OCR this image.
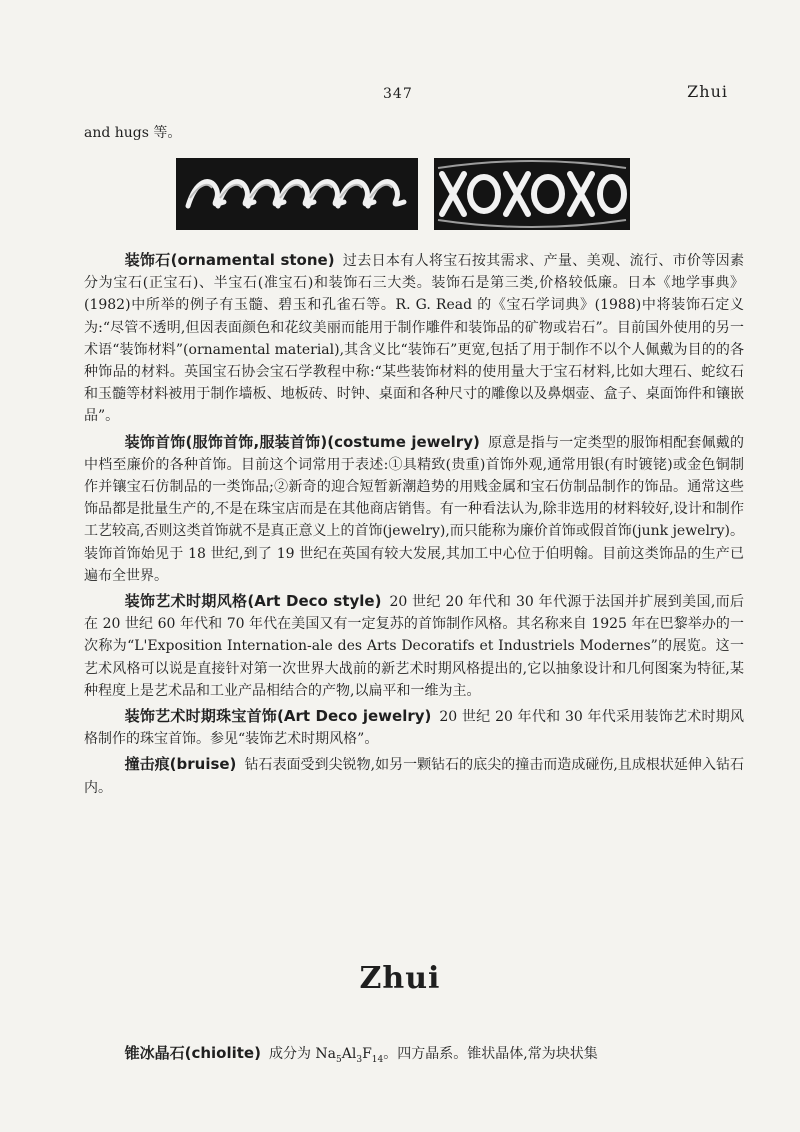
347	Zhui
and hugs 等。

装饰石(ornamental stone) 过去日本有人将宝石按其需求、产量、美观、流行、市价等因素分为宝石(正宝石)、半宝石(准宝石)和装饰石三大类。装饰石是第三类,价格较低廉。日本《地学事典》(1982)中所举的例子有玉髓、碧玉和孔雀石等。R. G. Read 的《宝石学词典》(1988)中将装饰石定义为:“尽管不透明,但因表面颜色和花纹美丽而能用于制作雕件和装饰品的矿物或岩石”。目前国外使用的另一术语“装饰材料”(ornamental material),其含义比“装饰石”更宽,包括了用于制作不以个人佩戴为目的的各种饰品的材料。英国宝石协会宝石学教程中称:“某些装饰材料的使用量大于宝石材料,比如大理石、蛇纹石和玉髓等材料被用于制作墙板、地板砖、时钟、桌面和各种尺寸的雕像以及鼻烟壶、盒子、桌面饰件和镶嵌品”。

装饰首饰(服饰首饰,服装首饰)(costume jewelry) 原意是指与一定类型的服饰相配套佩戴的中档至廉价的各种首饰。目前这个词常用于表述:①具精致(贵重)首饰外观,通常用银(有时镀铑)或金色铜制作并镶宝石仿制品的一类饰品;②新奇的迎合短暂新潮趋势的用贱金属和宝石仿制品制作的饰品。通常这些饰品都是批量生产的,不是在珠宝店而是在其他商店销售。有一种看法认为,除非选用的材料较好,设计和制作工艺较高,否则这类首饰就不是真正意义上的首饰(jewelry),而只能称为廉价首饰或假首饰(junk jewelry)。装饰首饰始见于 18 世纪,到了 19 世纪在英国有较大发展,其加工中心位于伯明翰。目前这类饰品的生产已遍布全世界。

装饰艺术时期风格(Art Deco style) 20 世纪 20 年代和 30 年代源于法国并扩展到美国,而后在 20 世纪 60 年代和 70 年代在美国又有一定复苏的首饰制作风格。其名称来自 1925 年在巴黎举办的一次称为“L'Exposition Internation-ale des Arts Decoratifs et Industriels Modernes”的展览。这一艺术风格可以说是直接针对第一次世界大战前的新艺术时期风格提出的,它以抽象设计和几何图案为特征,某种程度上是艺术品和工业产品相结合的产物,以扁平和一维为主。

装饰艺术时期珠宝首饰(Art Deco jewelry) 20 世纪 20 年代和 30 年代采用装饰艺术时期风格制作的珠宝首饰。参见“装饰艺术时期风格”。

撞击痕(bruise) 钻石表面受到尖锐物,如另一颗钻石的底尖的撞击而造成碰伤,且成根状延伸入钻石内。

Zhui

锥冰晶石(chiolite) 成分为 $Na_5Al_3F_{14}$。四方晶系。锥状晶体,常为块状集
